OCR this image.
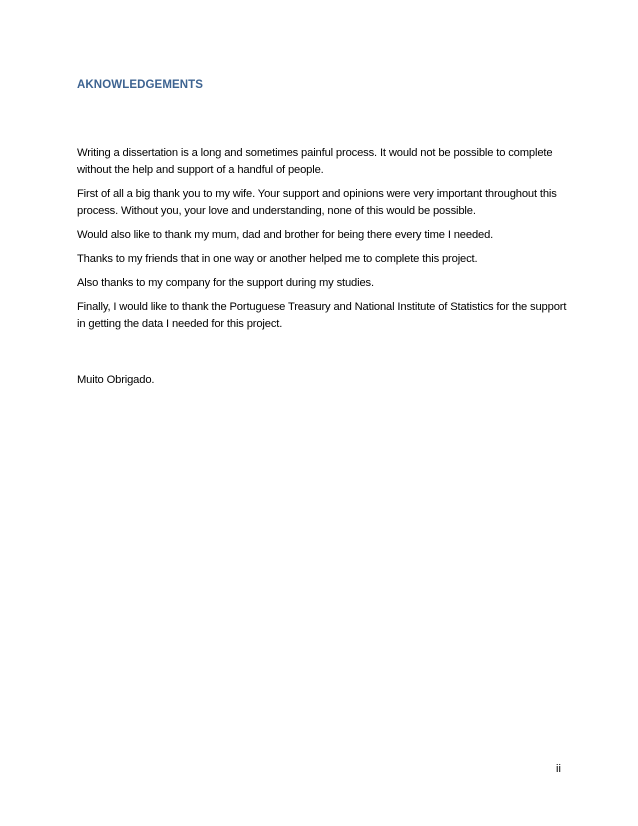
AKNOWLEDGEMENTS

Writing a dissertation is a long and sometimes painful process. It would not be possible to complete without the help and support of a handful of people.

First of all a big thank you to my wife. Your support and opinions were very important throughout this process. Without you, your love and understanding, none of this would be possible.

Would also like to thank my mum, dad and brother for being there every time I needed.

Thanks to my friends that in one way or another helped me to complete this project.

Also thanks to my company for the support during my studies.

Finally, I would like to thank the Portuguese Treasury and National Institute of Statistics for the support in getting the data I needed for this project.

Muito Obrigado.

ii
